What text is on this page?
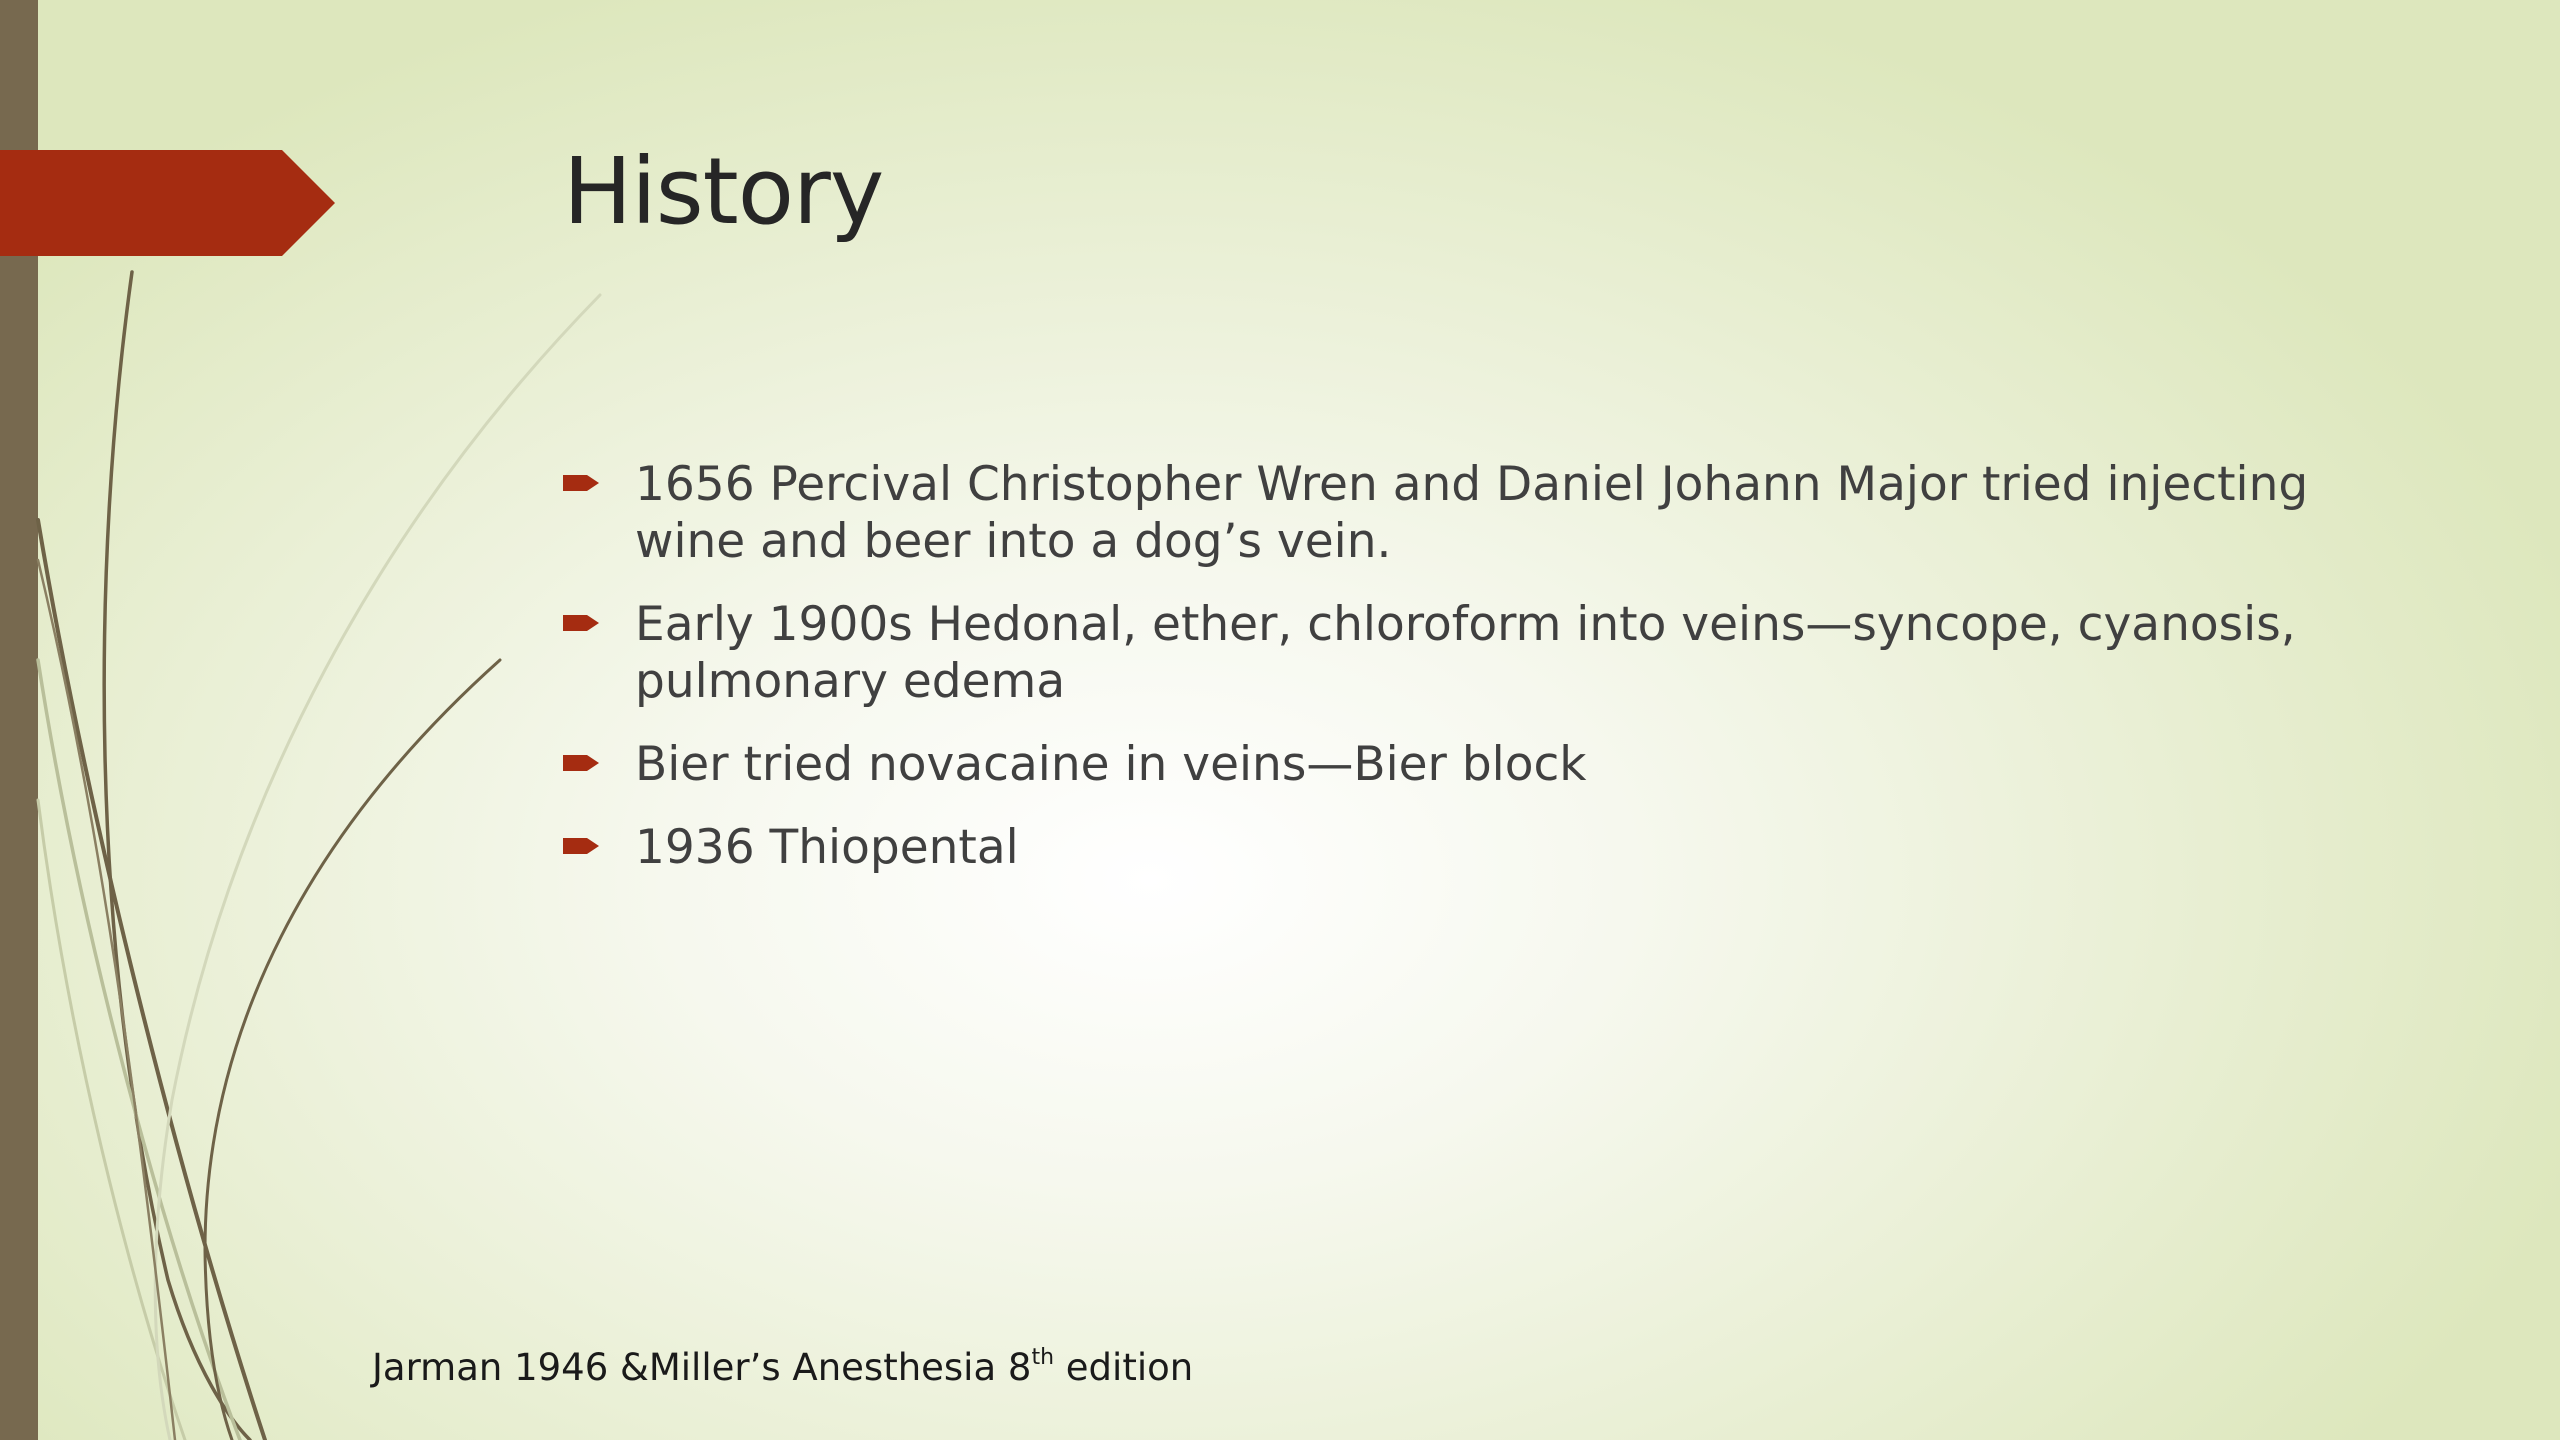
History
1656 Percival Christopher Wren and Daniel Johann Major tried injecting wine and beer into a dog’s vein.
Early 1900s Hedonal, ether, chloroform into veins—syncope, cyanosis, pulmonary edema
Bier tried novacaine in veins—Bier block
1936 Thiopental

Jarman 1946 &Miller’s Anesthesia 8th edition
